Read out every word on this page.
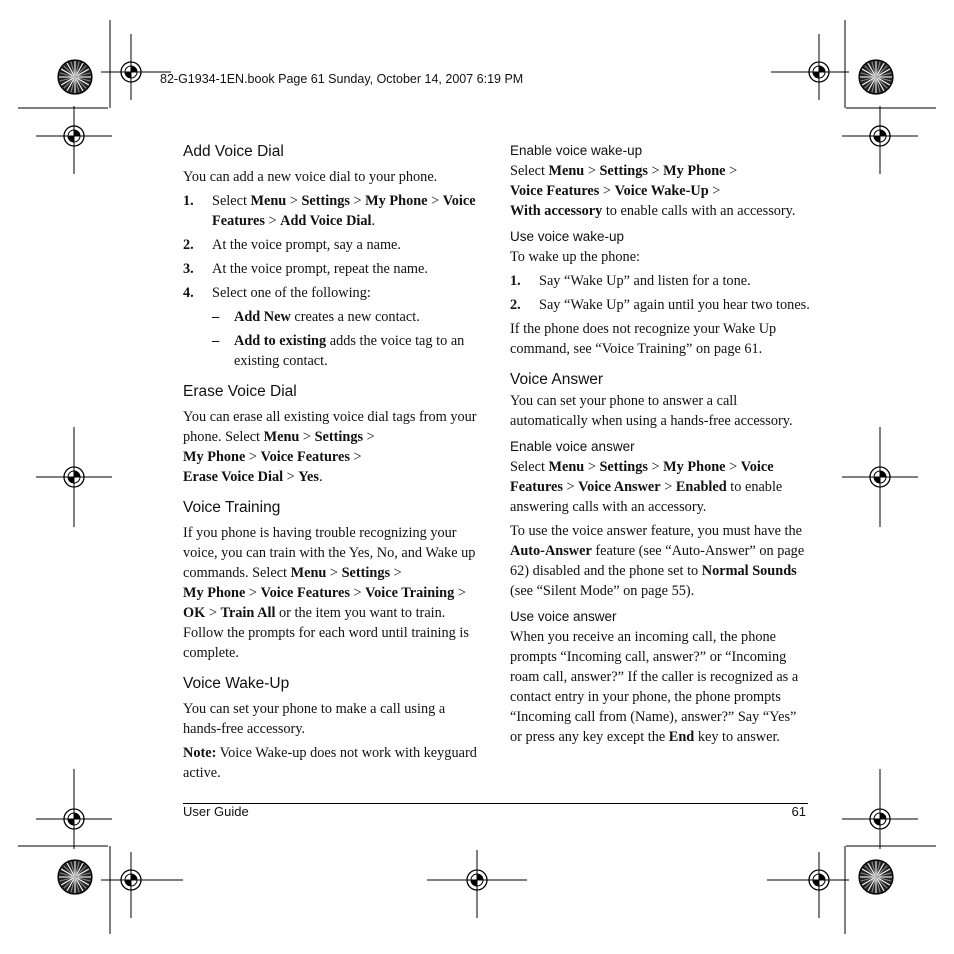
82-G1934-1EN.book Page 61 Sunday, October 14, 2007 6:19 PM
Add Voice Dial

You can add a new voice dial to your phone.

1.	Select Menu > Settings > My Phone > Voice Features > Add Voice Dial.
2.	At the voice prompt, say a name.
3.	At the voice prompt, repeat the name.
4.	Select one of the following:
–	Add New creates a new contact.
–	Add to existing adds the voice tag to an existing contact.
Erase Voice Dial

You can erase all existing voice dial tags from your phone. Select Menu > Settings >
My Phone > Voice Features >
Erase Voice Dial > Yes.

Voice Training

If you phone is having trouble recognizing your voice, you can train with the Yes, No, and Wake up commands. Select Menu > Settings >
My Phone > Voice Features > Voice Training >
OK > Train All or the item you want to train. Follow the prompts for each word until training is complete.

Voice Wake-Up

You can set your phone to make a call using a hands-free accessory.

Note: Voice Wake-up does not work with keyguard active.

Enable voice wake-up

Select Menu > Settings > My Phone >
Voice Features > Voice Wake-Up >
With accessory to enable calls with an accessory.

Use voice wake-up

To wake up the phone:

1.	Say “Wake Up” and listen for a tone.
2.	Say “Wake Up” again until you hear two tones.

If the phone does not recognize your Wake Up command, see “Voice Training” on page 61.

Voice Answer

You can set your phone to answer a call automatically when using a hands-free accessory.

Enable voice answer

Select Menu > Settings > My Phone > Voice Features > Voice Answer > Enabled to enable answering calls with an accessory.

To use the voice answer feature, you must have the Auto-Answer feature (see “Auto-Answer” on page 62) disabled and the phone set to Normal Sounds (see “Silent Mode” on page 55).

Use voice answer

When you receive an incoming call, the phone prompts “Incoming call, answer?” or “Incoming roam call, answer?” If the caller is recognized as a contact entry in your phone, the phone prompts “Incoming call from (Name), answer?” Say “Yes” or press any key except the End key to answer.

User Guide	61
